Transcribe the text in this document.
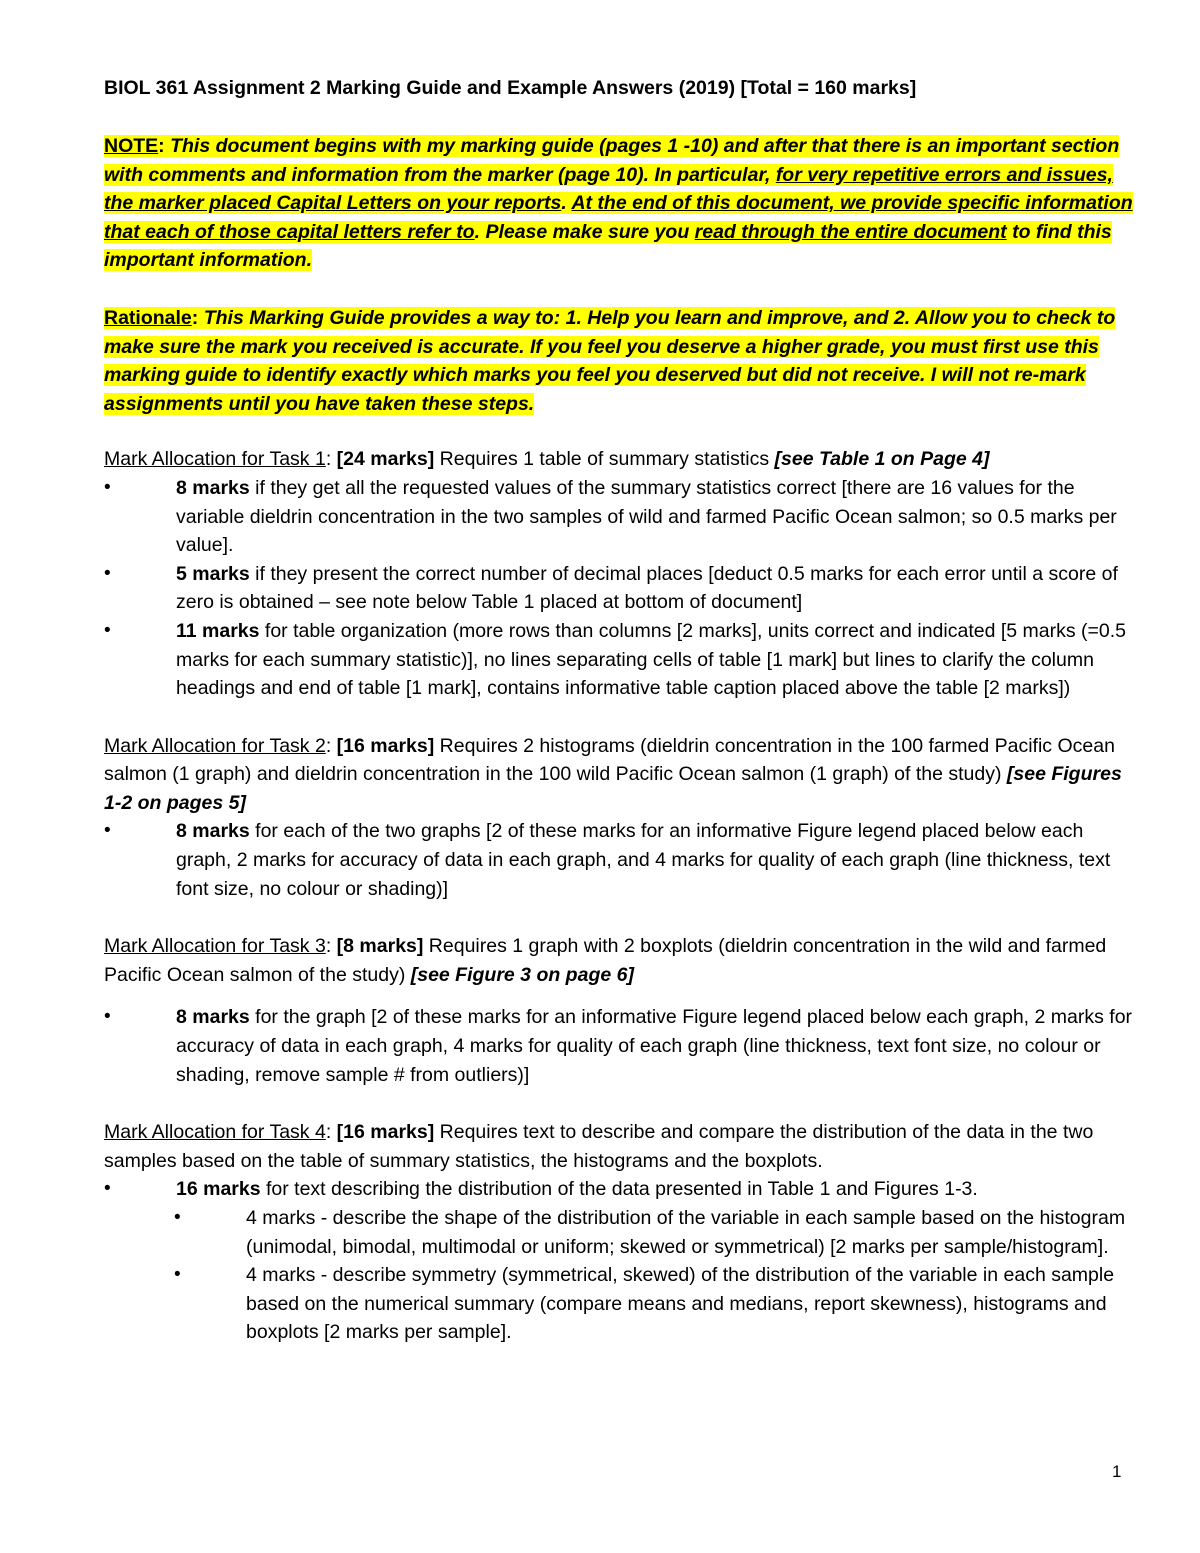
BIOL 361 Assignment 2 Marking Guide and Example Answers (2019) [Total = 160 marks]

NOTE: This document begins with my marking guide (pages 1 -10) and after that there is an important section with comments and information from the marker (page 10). In particular, for very repetitive errors and issues, the marker placed Capital Letters on your reports. At the end of this document, we provide specific information that each of those capital letters refer to. Please make sure you read through the entire document to find this important information.

Rationale: This Marking Guide provides a way to: 1. Help you learn and improve, and 2. Allow you to check to make sure the mark you received is accurate. If you feel you deserve a higher grade, you must first use this marking guide to identify exactly which marks you feel you deserved but did not receive. I will not re-mark assignments until you have taken these steps.

Mark Allocation for Task 1: [24 marks] Requires 1 table of summary statistics [see Table 1 on Page 4]

•	8 marks if they get all the requested values of the summary statistics correct [there are 16 values for the variable dieldrin concentration in the two samples of wild and farmed Pacific Ocean salmon; so 0.5 marks per value].

•	5 marks if they present the correct number of decimal places [deduct 0.5 marks for each error until a score of zero is obtained – see note below Table 1 placed at bottom of document]

•	11 marks for table organization (more rows than columns [2 marks], units correct and indicated [5 marks (=0.5 marks for each summary statistic)], no lines separating cells of table [1 mark] but lines to clarify the column headings and end of table [1 mark], contains informative table caption placed above the table [2 marks])

Mark Allocation for Task 2: [16 marks] Requires 2 histograms (dieldrin concentration in the 100 farmed Pacific Ocean salmon (1 graph) and dieldrin concentration in the 100 wild Pacific Ocean salmon (1 graph) of the study) [see Figures 1-2 on pages 5]

•	8 marks for each of the two graphs [2 of these marks for an informative Figure legend placed below each graph, 2 marks for accuracy of data in each graph, and 4 marks for quality of each graph (line thickness, text font size, no colour or shading)]

Mark Allocation for Task 3: [8 marks] Requires 1 graph with 2 boxplots (dieldrin concentration in the wild and farmed Pacific Ocean salmon of the study) [see Figure 3 on page 6]

•	8 marks for the graph [2 of these marks for an informative Figure legend placed below each graph, 2 marks for accuracy of data in each graph, 4 marks for quality of each graph (line thickness, text font size, no colour or shading, remove sample # from outliers)]

Mark Allocation for Task 4: [16 marks] Requires text to describe and compare the distribution of the data in the two samples based on the table of summary statistics, the histograms and the boxplots.

•	16 marks for text describing the distribution of the data presented in Table 1 and Figures 1-3.

•	4 marks - describe the shape of the distribution of the variable in each sample based on the histogram (unimodal, bimodal, multimodal or uniform; skewed or symmetrical) [2 marks per sample/histogram].

•	4 marks - describe symmetry (symmetrical, skewed) of the distribution of the variable in each sample based on the numerical summary (compare means and medians, report skewness), histograms and boxplots [2 marks per sample].

1
